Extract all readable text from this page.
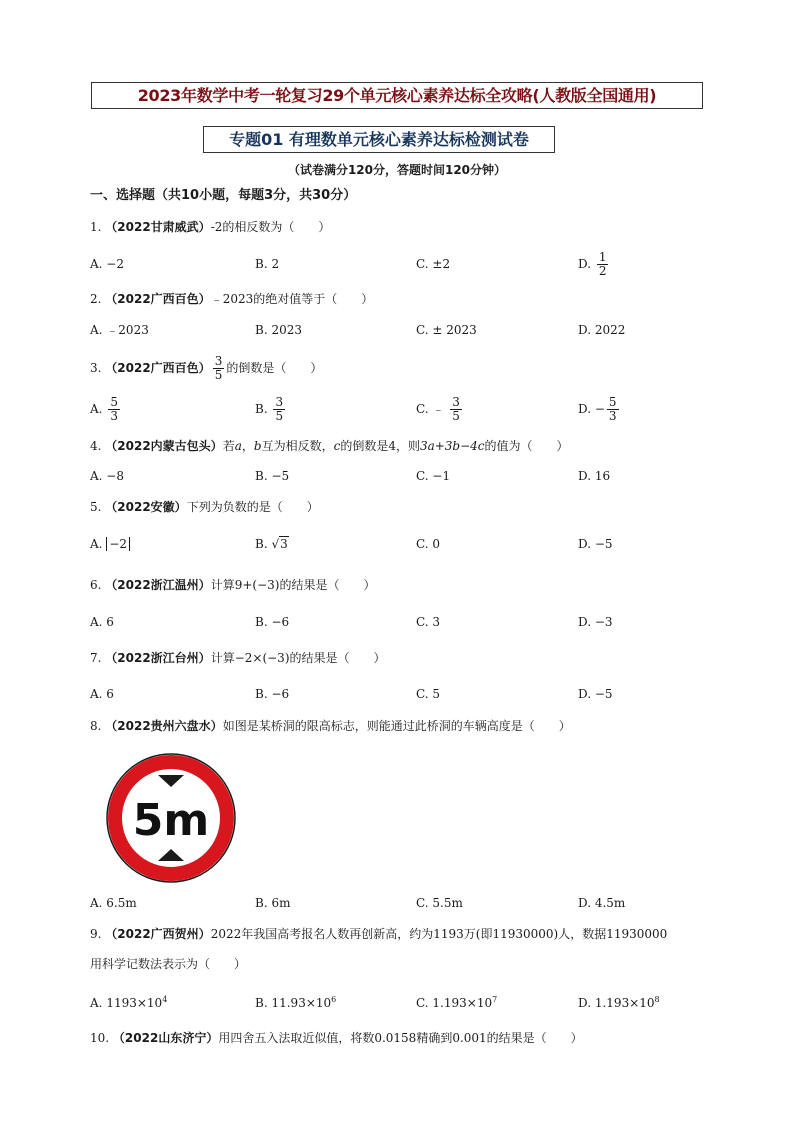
2023年数学中考一轮复习29个单元核心素养达标全攻略(人教版全国通用)
专题01 有理数单元核心素养达标检测试卷
（试卷满分120分，答题时间120分钟）
一、选择题（共10小题，每题3分，共30分）
1. （2022甘肃威武）-2的相反数为（　　）
A. −2	B. 2	C. ±2	D. $\frac{1}{2}$
2. （2022广西百色）﹣2023的绝对值等于（　　）
A. ﹣2023	B. 2023	C. ± 2023	D. 2022
3. （2022广西百色） $\frac{3}{5}$ 的倒数是（　　）
A. $\frac{5}{3}$	B. $\frac{3}{5}$	C. ﹣ $\frac{3}{5}$	D. − $\frac{5}{3}$
4. （2022内蒙古包头）若a，b互为相反数，c的倒数是4，则3a+3b−4c的值为（　　）
A. −8	B. −5	C. −1	D. 16
5. （2022安徽）下列为负数的是（　　）
A. −2	B. √3	C. 0	D. −5
6. （2022浙江温州）计算9+(−3)的结果是（　　）
A. 6	B. −6	C. 3	D. −3
7. （2022浙江台州）计算−2×(−3)的结果是（　　）
A. 6	B. −6	C. 5	D. −5
8. （2022贵州六盘水）如图是某桥洞的限高标志，则能通过此桥洞的车辆高度是（　　）
5m
A. 6.5m	B. 6m	C. 5.5m	D. 4.5m
9. （2022广西贺州）2022年我国高考报名人数再创新高，约为1193万(即11930000)人，数据11930000
用科学记数法表示为（　　）
A. $1193\times 10^4$	B. $11.93\times 10^6$	C. $1.193\times 10^7$	D. $1.193\times 10^8$
10. （2022山东济宁）用四舍五入法取近似值，将数0.0158精确到0.001的结果是（　　）
